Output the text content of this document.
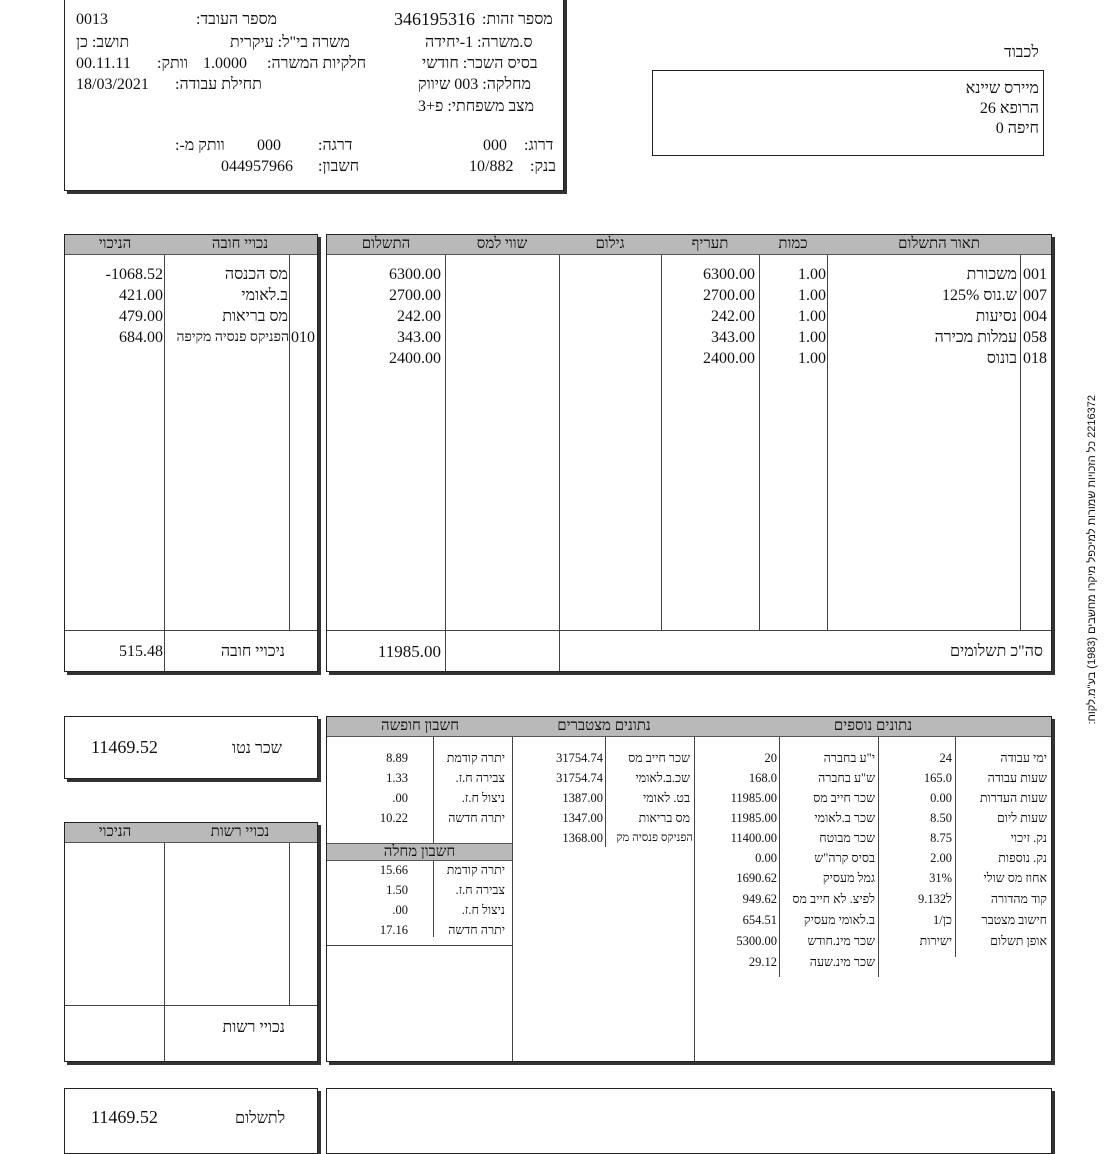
0013	מספר העובד:	346195316 מספר זהות:
תושב: כן	משרה בי"ל: עיקרית	ס.משרה: 1-יחידה
00.11.11 וותק: 1.0000 חלקיות המשרה:	בסיס השכר: חודשי
18/03/2021 תחילת עבודה:	מחלקה: 003 שיווק
מצב משפחתי: פ+3
וותק מ-: 000 דרגה:	000 דרוג:
044957966 חשבון:	10/882 בנק:
לכבוד
מיירס שיינא
הרופא 26
חיפה 0
הניכוי	נכויי חובה
-1068.52	מס הכנסה
421.00	ב.לאומי
479.00	מס בריאות
684.00 הפניקס פנסיה מקיפה 010
515.48	ניכויי חובה
התשלום	שווי למס	גילום	תעריף	כמות	תאור התשלום
6300.00	6300.00	1.00	משכורת 001
2700.00	2700.00	1.00	ש.נוס 125% 007
242.00	242.00	1.00	נסיעות 004
343.00	343.00	1.00	עמלות מכירה 058
2400.00	2400.00	1.00	בונוס 018
11985.00	סה"כ תשלומים
2216372 כל הזכויות שמורות למיכפל מיקרו מחשבים (1983) בע"מ.לקוח:
11469.52	שכר נטו
הניכוי	נכויי רשות
נכויי רשות
11469.52	לתשלום
חשבון חופשה	נתונים מצטברים	נתונים נוספים
חשבון מחלה
8.89	יתרה קודמת
1.33	צבירה ח.ז.
.00	ניצול ח.ז.
10.22	יתרה חדשה
15.66	יתרה קודמת
1.50	צבירה ח.ז.
.00	ניצול ח.ז.
17.16	יתרה חדשה
31754.74 שכר חייב מס
31754.74	שכ.ב.לאומי
1387.00	בט. לאומי
1347.00	מס בריאות
1368.00 הפניקס פנסיה מק
20	י"ע בחברה
168.0	ש"ע בחברה
11985.00	שכר חייב מס
11985.00	שכר ב.לאומי
11400.00	שכר מבוטח
0.00	בסיס קרה"ש
1690.62	גמל מעסיק
949.62 לפיצ. לא חייב מס
654.51 ב.לאומי מעסיק
5300.00 שכר מינ.חודש
29.12	שכר מינ.שעה
24	ימי עבודה
165.0	שעות עבודה
0.00 שעות העדרות
8.50	שעות ליום
8.75	נק. זיכוי
2.00	נק. נוספות
31%	אחוז מס שולי
9.132ל	קוד מהדורה
כן/1 חישוב מצטבר
ישירות	אופן תשלום
